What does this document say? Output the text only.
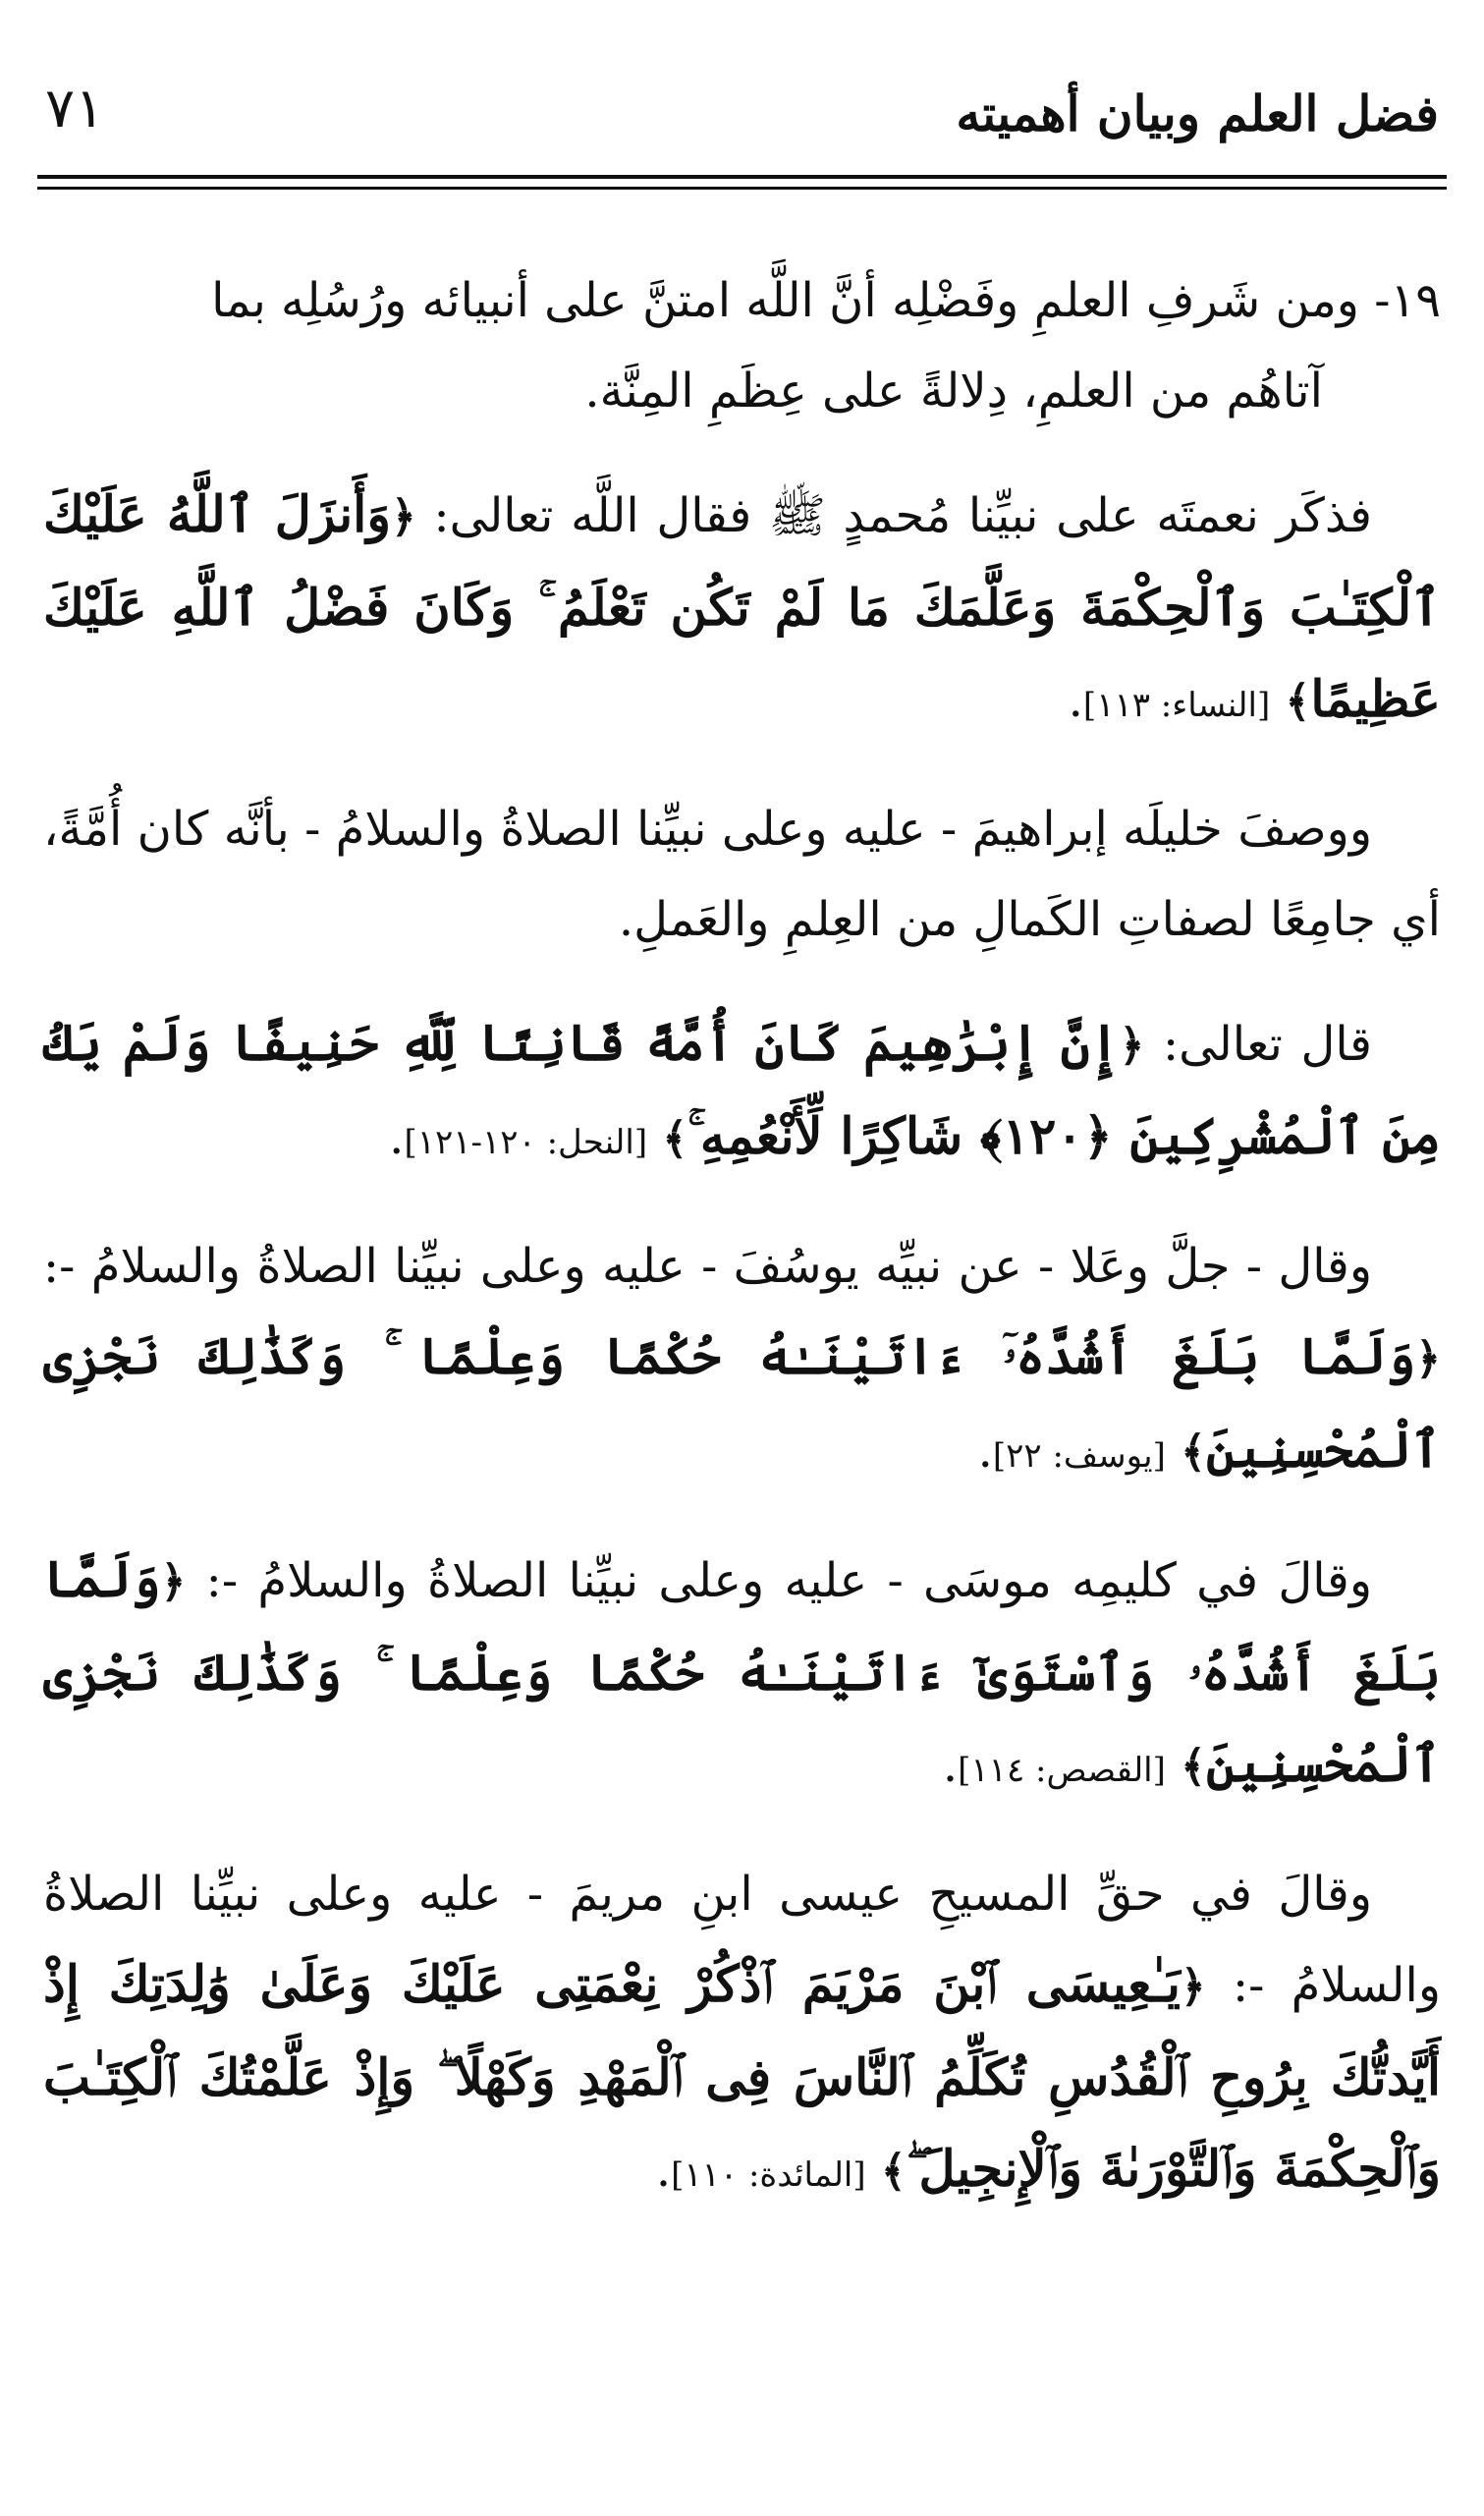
٧١	فضل العلم وبيان أهميته

١٩- ومن شَرفِ العلمِ وفَضْلِه أنَّ اللَّه امتنَّ على أنبيائه ورُسُلِه بما
آتاهُم من العلمِ، دِلالةً على عِظَمِ المِنَّة.

فذكَر نعمتَه على نبيِّنا مُحمدٍ ﷺ فقال اللَّه تعالى: ﴿وَأَنزَلَ ٱللَّهُ عَلَيْكَ ٱلْكِتَـٰبَ وَٱلْحِكْمَةَ وَعَلَّمَكَ مَا لَمْ تَكُن تَعْلَمُ ۚ وَكَانَ فَضْلُ ٱللَّهِ عَلَيْكَ عَظِيمًا﴾ [النساء: ١١٣].

ووصفَ خليلَه إبراهيمَ - عليه وعلى نبيِّنا الصلاةُ والسلامُ - بأنَّه كان أُمَّةً، أي جامِعًا لصفاتِ الكَمالِ من العِلمِ والعَملِ.

قال تعالى: ﴿إِنَّ إِبْرَٰهِيمَ كَانَ أُمَّةً قَانِتًا لِّلَّهِ حَنِيفًا وَلَمْ يَكُ مِنَ ٱلْمُشْرِكِينَ ﴿١٢٠﴾ شَاكِرًا لِّأَنْعُمِهِ ۚ﴾ [النحل: ١٢٠-١٢١].

وقال - جلَّ وعَلا - عن نبيِّه يوسُفَ - عليه وعلى نبيِّنا الصلاةُ والسلامُ -: ﴿وَلَمَّا بَلَغَ أَشُدَّهُۥٓ ءَاتَيْنَـٰهُ حُكْمًا وَعِلْمًا ۚ وَكَذَٰلِكَ نَجْزِى ٱلْمُحْسِنِينَ﴾ [يوسف: ٢٢].

وقالَ في كليمِه موسَى - عليه وعلى نبيِّنا الصلاةُ والسلامُ -: ﴿وَلَمَّا بَلَغَ أَشُدَّهُۥ وَٱسْتَوَىٰٓ ءَاتَيْنَـٰهُ حُكْمًا وَعِلْمًا ۚ وَكَذَٰلِكَ نَجْزِى ٱلْمُحْسِنِينَ﴾ [القصص: ١١٤].

وقالَ في حقِّ المسيحِ عيسى ابنِ مريمَ - عليه وعلى نبيِّنا الصلاةُ والسلامُ -: ﴿يَـٰعِيسَى ٱبْنَ مَرْيَمَ ٱذْكُرْ نِعْمَتِى عَلَيْكَ وَعَلَىٰ وَٰلِدَتِكَ إِذْ أَيَّدتُّكَ بِرُوحِ ٱلْقُدُسِ تُكَلِّمُ ٱلنَّاسَ فِى ٱلْمَهْدِ وَكَهْلًا ۖ وَإِذْ عَلَّمْتُكَ ٱلْكِتَـٰبَ وَٱلْحِكْمَةَ وَٱلتَّوْرَىٰةَ وَٱلْإِنجِيلَ ۖ﴾ [المائدة: ١١٠].
